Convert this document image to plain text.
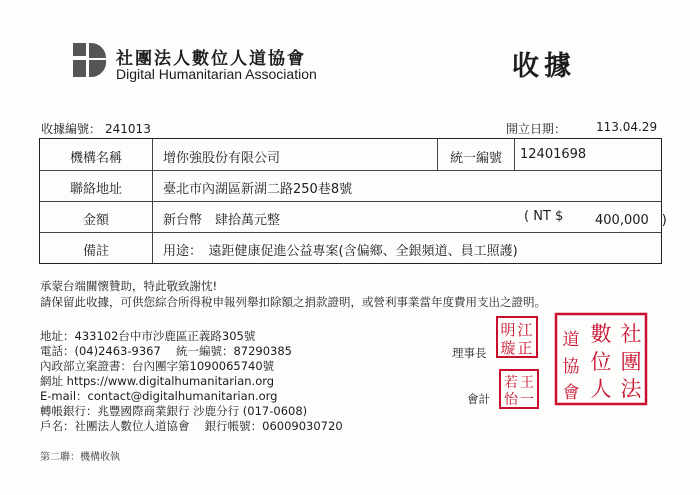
社團法人數位人道協會
Digital Humanitarian Association	收據
收據編號： 241013	開立日期： 113.04.29
機構名稱	增你強股份有限公司	統一編號	12401698
聯絡地址	臺北市內湖區新湖二路250巷8號
金額	新台幣　肆拾萬元整	( NT $ 400,000　)
備註	用途：　遠距健康促進公益專案(含偏鄉、全銀頻道、員工照護)
承蒙台端關懷贊助，特此敬致謝忱!
請保留此收據，可供您綜合所得稅申報列舉扣除額之捐款證明，或營利事業當年度費用支出之證明。
地址：433102台中市沙鹿區正義路305號
電話：(04)2463-9367　 統一編號：87290385
內政部立案證書：台內團字第1090065740號
網址 https://www.digitalhumanitarian.org
E-mail：contact@digitalhumanitarian.org
轉帳銀行：兆豐國際商業銀行 沙鹿分行 (017-0608)
戶名：社團法人數位人道協會　 銀行帳號：06009030720
理事長
會計
江
明
正
璇
王
若
一
怡
社
數
道
團
位
協
法
人
會
第二聯：機構收執
